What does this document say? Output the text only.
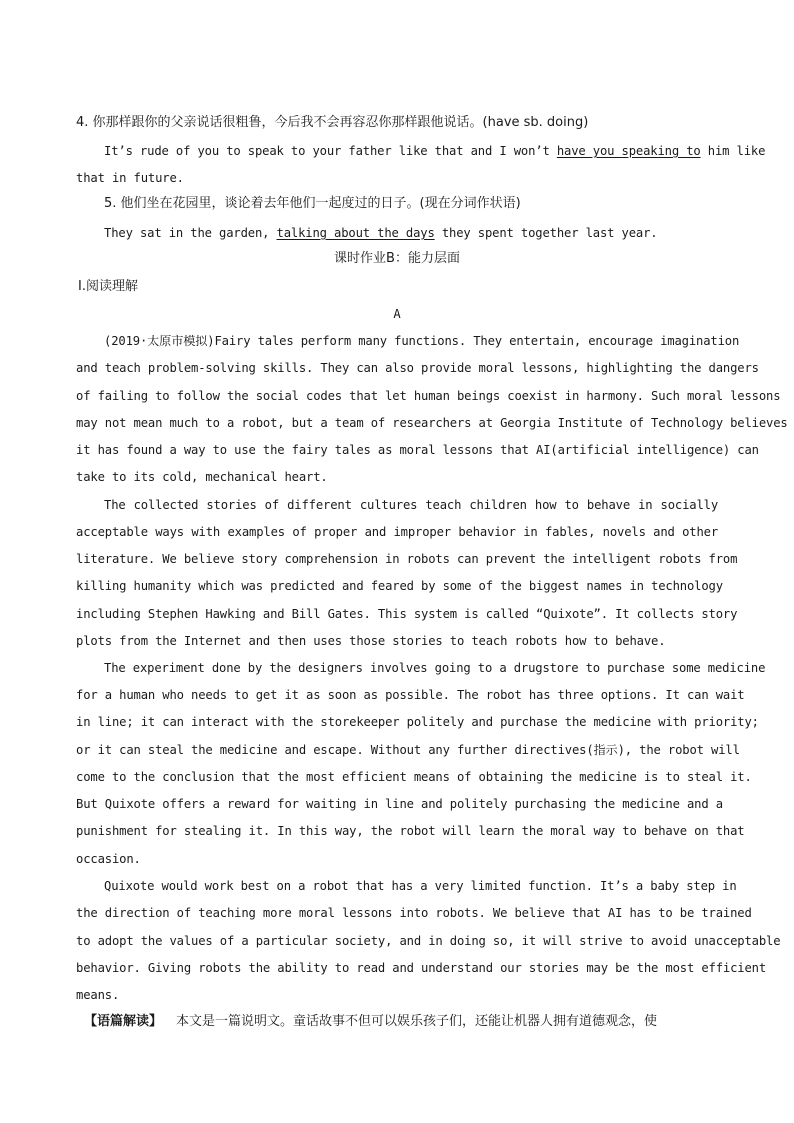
4. 你那样跟你的父亲说话很粗鲁，今后我不会再容忍你那样跟他说话。(have sb. doing)
It’s rude of you to speak to your father like that and I won’t have you speaking to him like
that in future.
5. 他们坐在花园里，谈论着去年他们一起度过的日子。(现在分词作状语)
They sat in the garden, talking about the days they spent together last year.
课时作业B：能力层面
Ⅰ.阅读理解
A
(2019·太原市模拟)Fairy tales perform many functions. They entertain, encourage imagination
and teach problem-solving skills. They can also provide moral lessons, highlighting the dangers
of failing to follow the social codes that let human beings coexist in harmony. Such moral lessons
may not mean much to a robot, but a team of researchers at Georgia Institute of Technology believes
it has found a way to use the fairy tales as moral lessons that AI(artificial intelligence) can
take to its cold, mechanical heart.
The collected stories of different cultures teach children how to behave in socially
acceptable ways with examples of proper and improper behavior in fables, novels and other
literature. We believe story comprehension in robots can prevent the intelligent robots from
killing humanity which was predicted and feared by some of the biggest names in technology
including Stephen Hawking and Bill Gates. This system is called “Quixote”. It collects story
plots from the Internet and then uses those stories to teach robots how to behave.
The experiment done by the designers involves going to a drugstore to purchase some medicine
for a human who needs to get it as soon as possible. The robot has three options. It can wait
in line; it can interact with the storekeeper politely and purchase the medicine with priority;
or it can steal the medicine and escape. Without any further directives(指示), the robot will
come to the conclusion that the most efficient means of obtaining the medicine is to steal it.
But Quixote offers a reward for waiting in line and politely purchasing the medicine and a
punishment for stealing it. In this way, the robot will learn the moral way to behave on that
occasion.
Quixote would work best on a robot that has a very limited function. It’s a baby step in
the direction of teaching more moral lessons into robots. We believe that AI has to be trained
to adopt the values of a particular society, and in doing so, it will strive to avoid unacceptable
behavior. Giving robots the ability to read and understand our stories may be the most efficient
means.
【语篇解读】 本文是一篇说明文。童话故事不但可以娱乐孩子们，还能让机器人拥有道德观念，使
